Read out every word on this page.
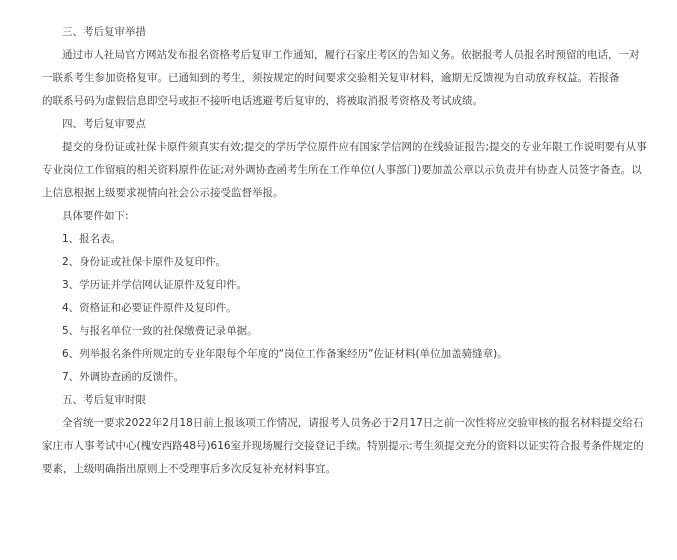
三、考后复审举措
通过市人社局官方网站发布报名资格考后复审工作通知，履行石家庄考区的告知义务。依据报考人员报名时预留的电话，一对
一联系考生参加资格复审。已通知到的考生，须按规定的时间要求交验相关复审材料，逾期无反馈视为自动放弃权益。若报备
的联系号码为虚假信息即空号或拒不接听电话逃避考后复审的，将被取消报考资格及考试成绩。
四、考后复审要点
提交的身份证或社保卡原件须真实有效;提交的学历学位原件应有国家学信网的在线验证报告;提交的专业年限工作说明要有从事
专业岗位工作留痕的相关资料原件佐证;对外调协查函考生所在工作单位(人事部门)要加盖公章以示负责并有协查人员签字备查。以
上信息根据上级要求视情向社会公示接受监督举报。
具体要件如下:
1、报名表。
2、身份证或社保卡原件及复印件。
3、学历证并学信网认证原件及复印件。
4、资格证和必要证件原件及复印件。
5、与报名单位一致的社保缴费记录单据。
6、列举报名条件所规定的专业年限每个年度的“岗位工作备案经历”佐证材料(单位加盖骑缝章)。
7、外调协查函的反馈件。
五、考后复审时限
全省统一要求2022年2月18日前上报该项工作情况，请报考人员务必于2月17日之前一次性将应交验审核的报名材料提交给石
家庄市人事考试中心(槐安西路48号)616室并现场履行交接登记手续。特别提示:考生须提交充分的资料以证实符合报考条件规定的
要素，上级明确指出原则上不受理事后多次反复补充材料事宜。
